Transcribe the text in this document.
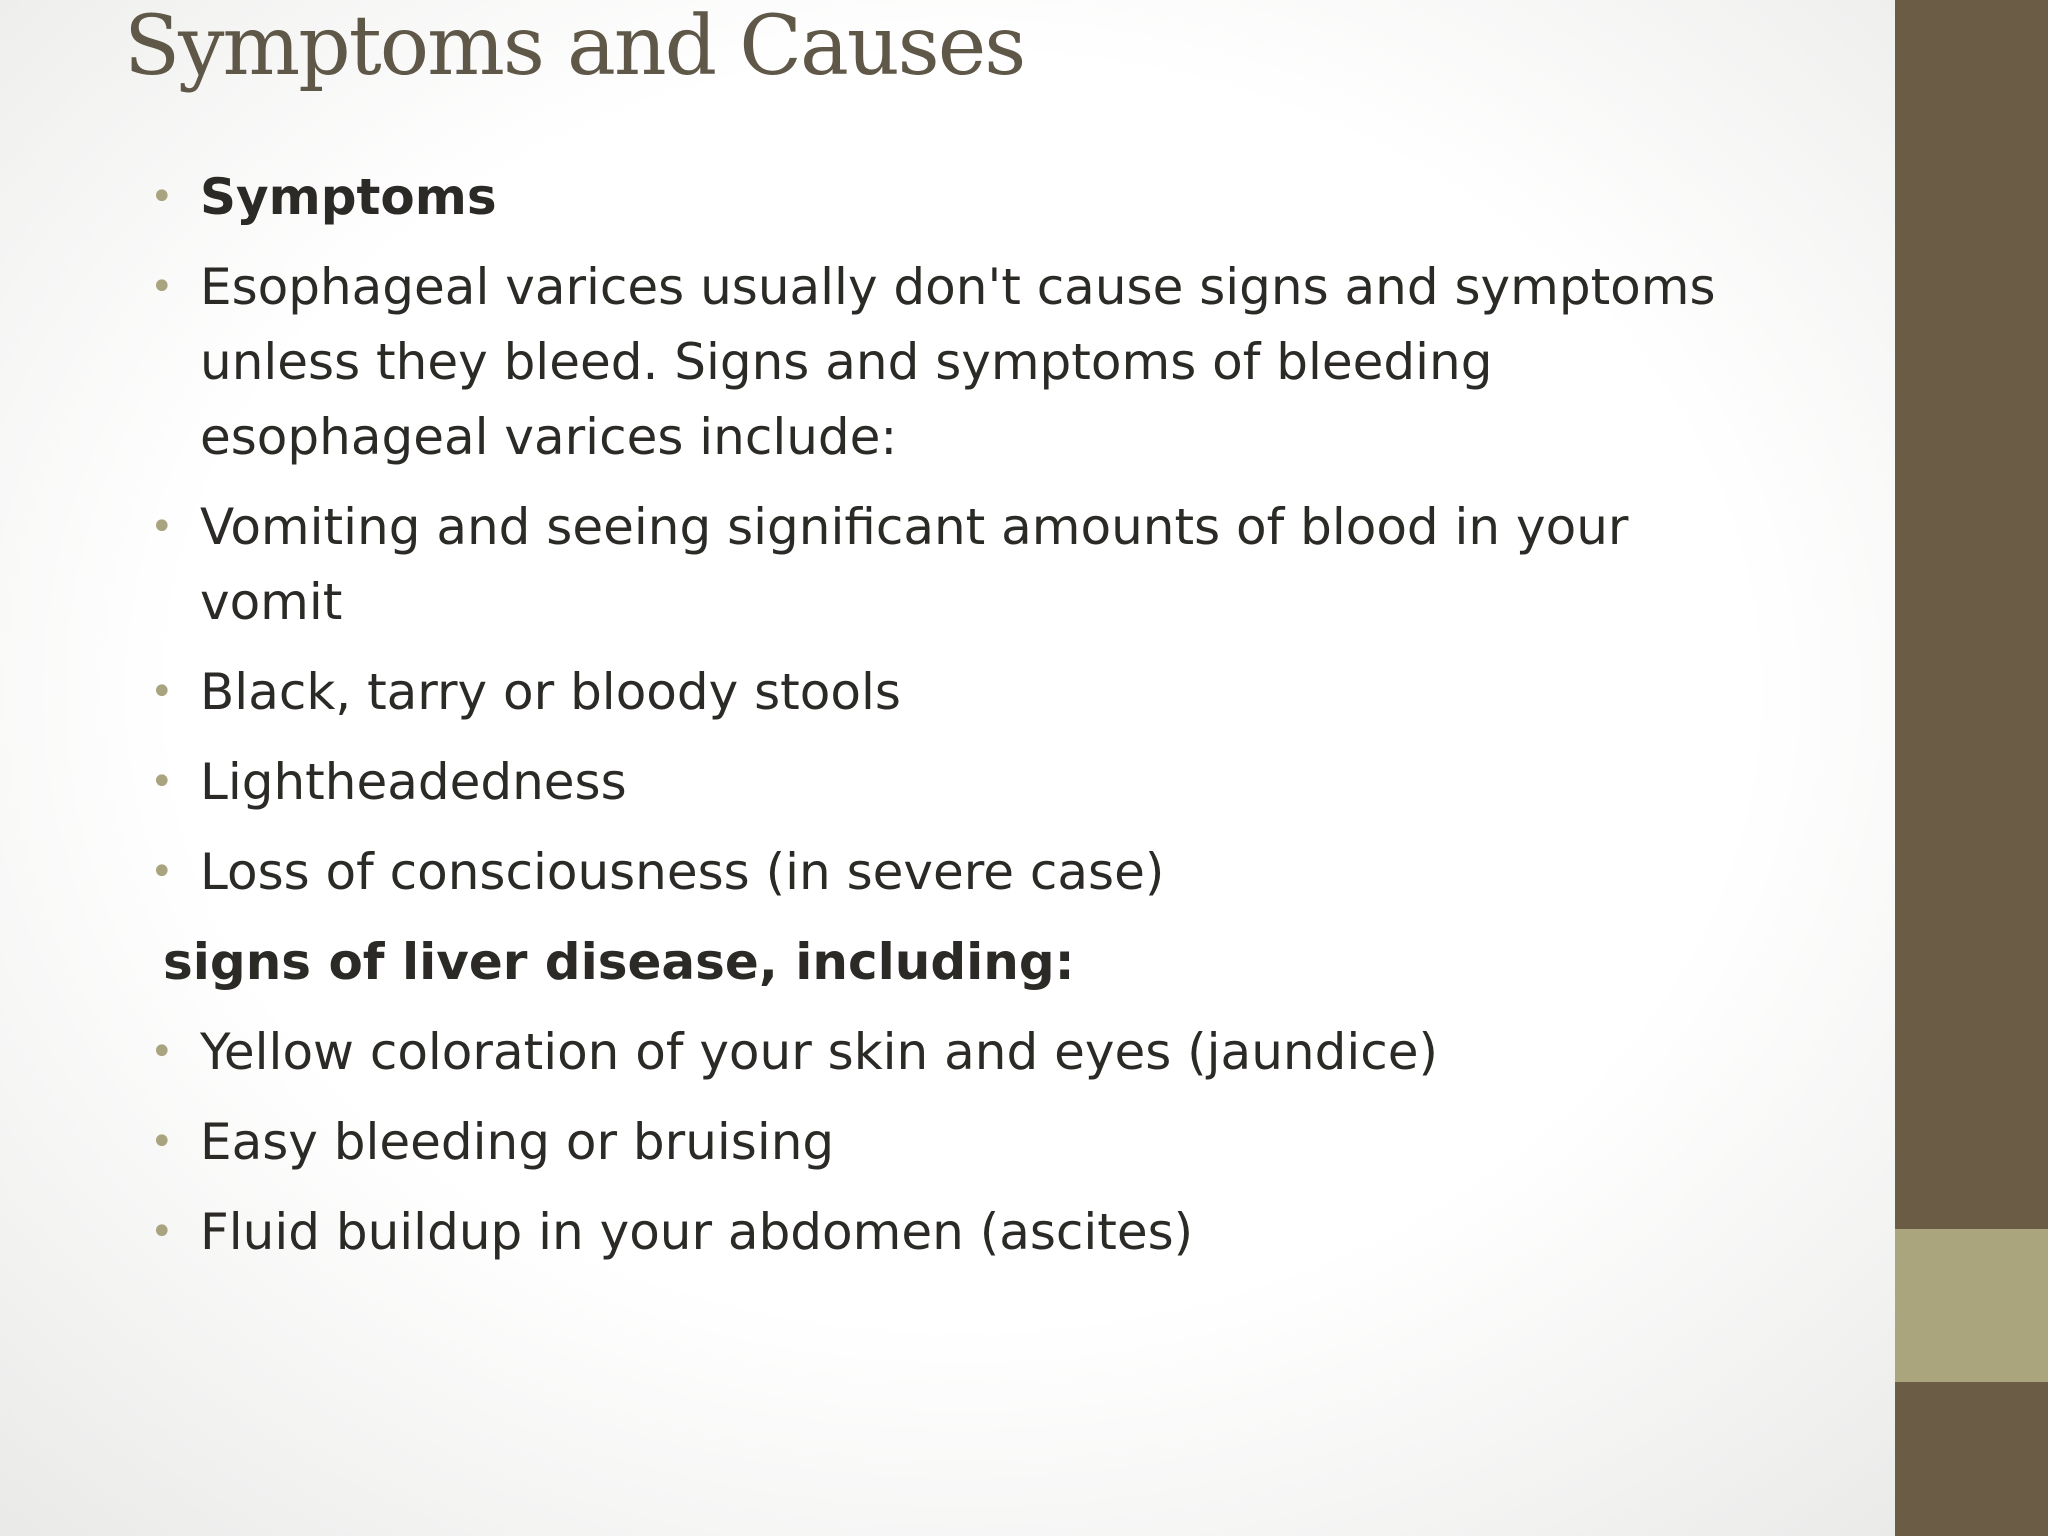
Symptoms and Causes
• Symptoms
• Esophageal varices usually don't cause signs and symptoms unless they bleed. Signs and symptoms of bleeding esophageal varices include:
• Vomiting and seeing significant amounts of blood in your vomit
• Black, tarry or bloody stools
• Lightheadedness
• Loss of consciousness (in severe case)
signs of liver disease, including:
• Yellow coloration of your skin and eyes (jaundice)
• Easy bleeding or bruising
• Fluid buildup in your abdomen (ascites)
